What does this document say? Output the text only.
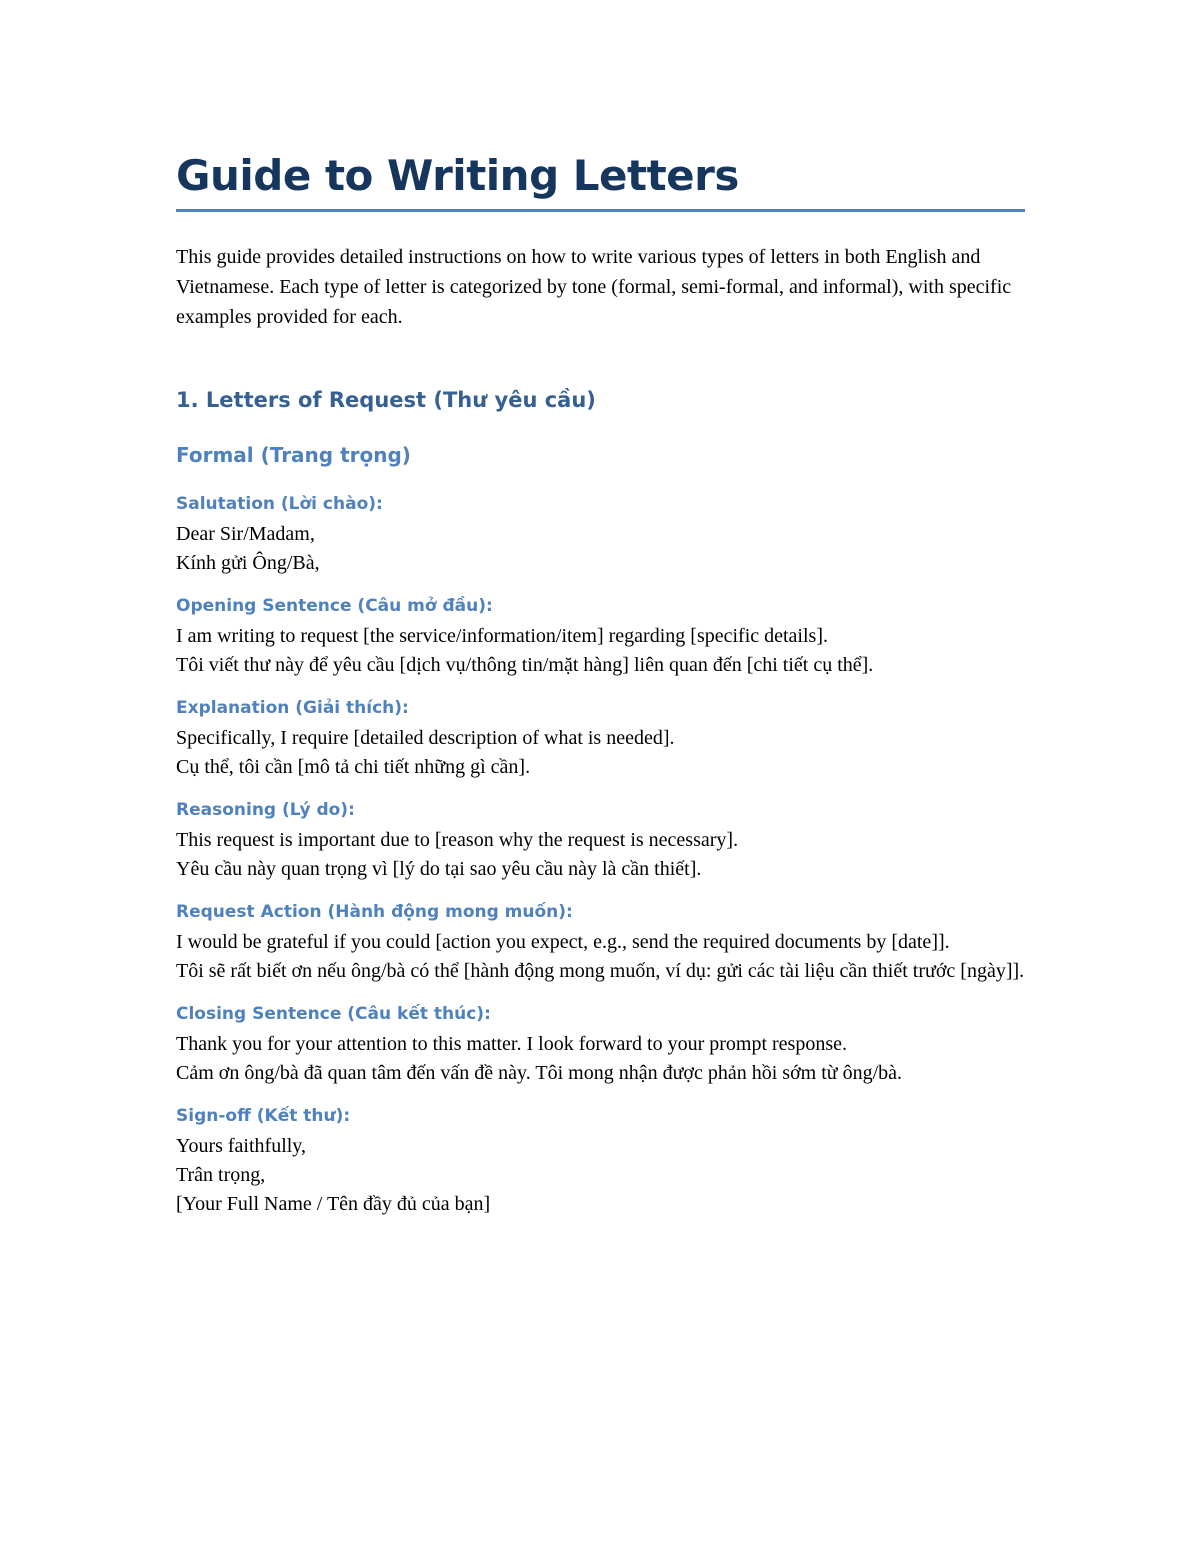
Guide to Writing Letters
This guide provides detailed instructions on how to write various types of letters in both English and Vietnamese. Each type of letter is categorized by tone (formal, semi-formal, and informal), with specific examples provided for each.
1. Letters of Request (Thư yêu cầu)
Formal (Trang trọng)
Salutation (Lời chào):
Dear Sir/Madam,
Kính gửi Ông/Bà,
Opening Sentence (Câu mở đầu):
I am writing to request [the service/information/item] regarding [specific details].
Tôi viết thư này để yêu cầu [dịch vụ/thông tin/mặt hàng] liên quan đến [chi tiết cụ thể].
Explanation (Giải thích):
Specifically, I require [detailed description of what is needed].
Cụ thể, tôi cần [mô tả chi tiết những gì cần].
Reasoning (Lý do):
This request is important due to [reason why the request is necessary].
Yêu cầu này quan trọng vì [lý do tại sao yêu cầu này là cần thiết].
Request Action (Hành động mong muốn):
I would be grateful if you could [action you expect, e.g., send the required documents by [date]].
Tôi sẽ rất biết ơn nếu ông/bà có thể [hành động mong muốn, ví dụ: gửi các tài liệu cần thiết trước [ngày]].
Closing Sentence (Câu kết thúc):
Thank you for your attention to this matter. I look forward to your prompt response.
Cảm ơn ông/bà đã quan tâm đến vấn đề này. Tôi mong nhận được phản hồi sớm từ ông/bà.
Sign-off (Kết thư):
Yours faithfully,
Trân trọng,
[Your Full Name / Tên đầy đủ của bạn]
